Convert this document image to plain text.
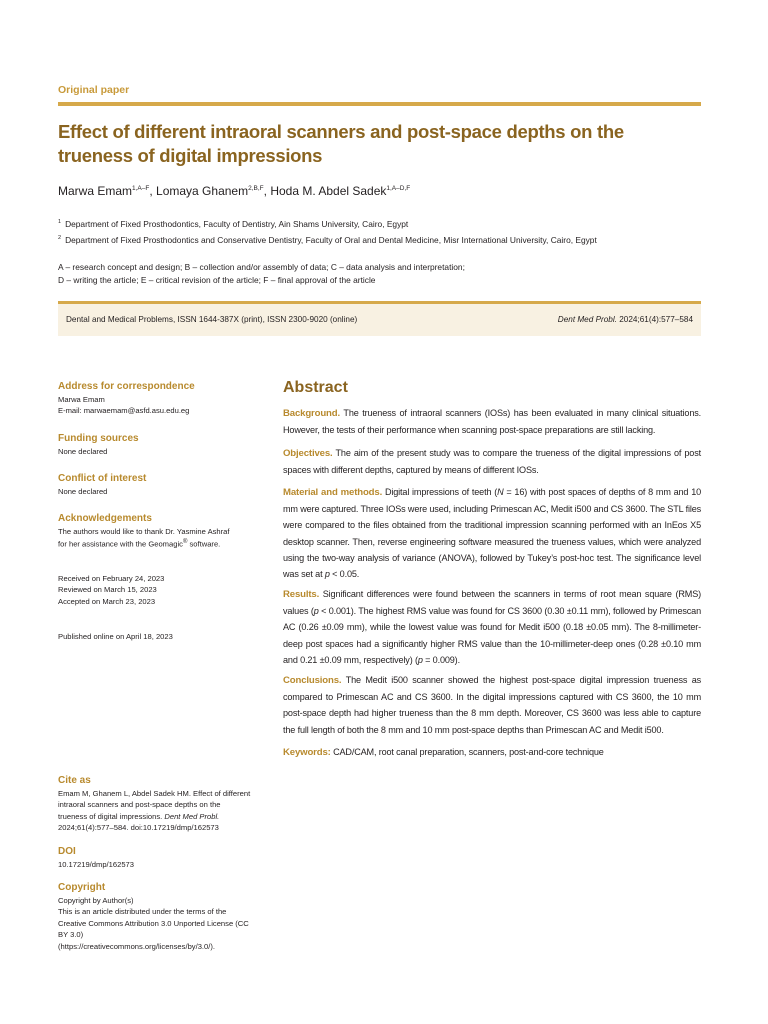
Original paper
Effect of different intraoral scanners and post-space depths on the trueness of digital impressions
Marwa Emam$^{1,A-F}$, Lomaya Ghanem$^{2,B,F}$, Hoda M. Abdel Sadek$^{1,A-D,F}$
$^1$ Department of Fixed Prosthodontics, Faculty of Dentistry, Ain Shams University, Cairo, Egypt
$^2$ Department of Fixed Prosthodontics and Conservative Dentistry, Faculty of Oral and Dental Medicine, Misr International University, Cairo, Egypt
A – research concept and design; B – collection and/or assembly of data; C – data analysis and interpretation;
D – writing the article; E – critical revision of the article; F – final approval of the article
Dental and Medical Problems, ISSN 1644-387X (print), ISSN 2300-9020 (online)	Dent Med Probl. 2024;61(4):577–584
Address for correspondence
Marwa Emam
E-mail: marwaemam@asfd.asu.edu.eg
Funding sources
None declared
Conflict of interest
None declared
Acknowledgements
The authors would like to thank Dr. Yasmine Ashraf
for her assistance with the Geomagic® software.
Received on February 24, 2023
Reviewed on March 15, 2023
Accepted on March 23, 2023
Published online on April 18, 2023
Cite as
Emam M, Ghanem L, Abdel Sadek HM. Effect of different
intraoral scanners and post-space depths on the
trueness of digital impressions. Dent Med Probl.
2024;61(4):577–584. doi:10.17219/dmp/162573
DOI
10.17219/dmp/162573
Copyright
Copyright by Author(s)
This is an article distributed under the terms of the
Creative Commons Attribution 3.0 Unported License (CC BY 3.0)
(https://creativecommons.org/licenses/by/3.0/).
Abstract

Background. The trueness of intraoral scanners (IOSs) has been evaluated in many clinical situations. However, the tests of their performance when scanning post-space preparations are still lacking.

Objectives. The aim of the present study was to compare the trueness of the digital impressions of post spaces with different depths, captured by means of different IOSs.

Material and methods. Digital impressions of teeth (N = 16) with post spaces of depths of 8 mm and 10 mm were captured. Three IOSs were used, including Primescan AC, Medit i500 and CS 3600. The STL files were compared to the files obtained from the traditional impression scanning performed with an InEos X5 desktop scanner. Then, reverse engineering software measured the trueness values, which were analyzed using the two-way analysis of variance (ANOVA), followed by Tukey’s post-hoc test. The significance level was set at p < 0.05.

Results. Significant differences were found between the scanners in terms of root mean square (RMS) values (p < 0.001). The highest RMS value was found for CS 3600 (0.30 ±0.11 mm), followed by Primescan AC (0.26 ±0.09 mm), while the lowest value was found for Medit i500 (0.18 ±0.05 mm). The 8-millimeter-deep post spaces had a significantly higher RMS value than the 10-millimeter-deep ones (0.28 ±0.10 mm and 0.21 ±0.09 mm, respectively) (p = 0.009).

Conclusions. The Medit i500 scanner showed the highest post-space digital impression trueness as compared to Primescan AC and CS 3600. In the digital impressions captured with CS 3600, the 10 mm post-space depth had higher trueness than the 8 mm depth. Moreover, CS 3600 was less able to capture the full length of both the 8 mm and 10 mm post-space depths than Primescan AC and Medit i500.

Keywords: CAD/CAM, root canal preparation, scanners, post-and-core technique
